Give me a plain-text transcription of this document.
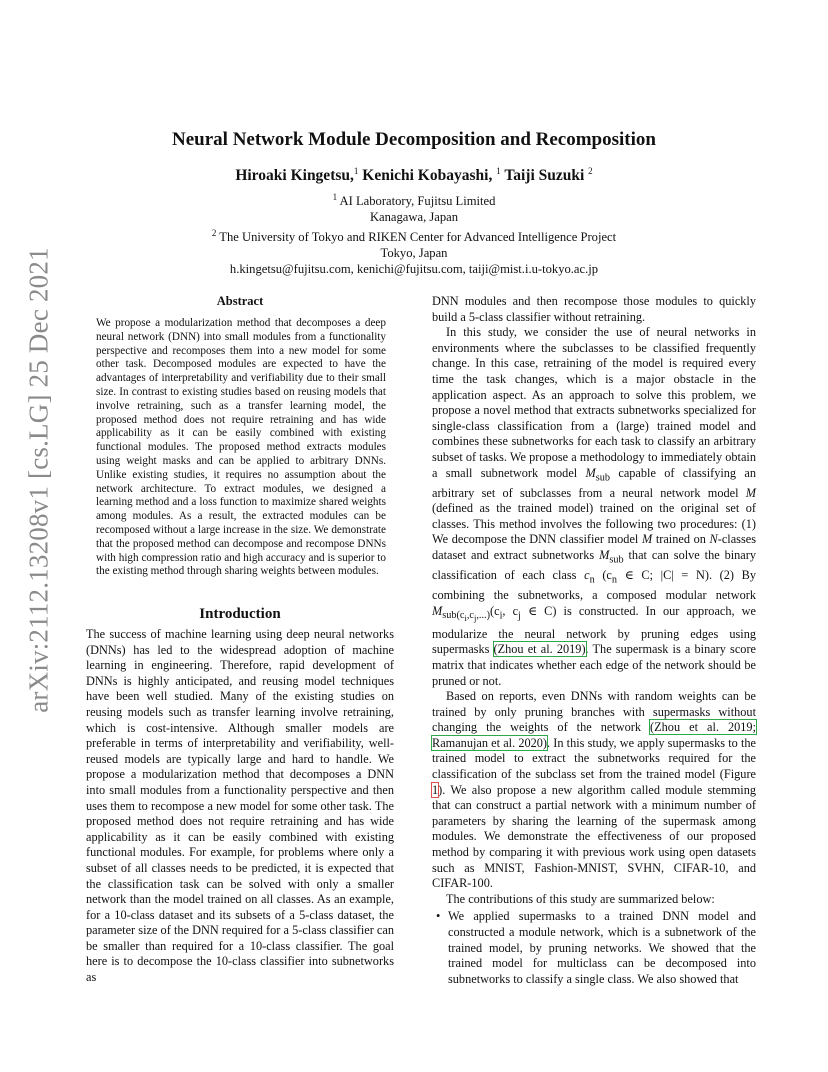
arXiv:2112.13208v1 [cs.LG] 25 Dec 2021
Neural Network Module Decomposition and Recomposition
Hiroaki Kingetsu,$^1$ Kenichi Kobayashi, $^1$ Taiji Suzuki $^2$
$^1$ AI Laboratory, Fujitsu Limited
Kanagawa, Japan
$^2$ The University of Tokyo and RIKEN Center for Advanced Intelligence Project
Tokyo, Japan
h.kingetsu@fujitsu.com, kenichi@fujitsu.com, taiji@mist.i.u-tokyo.ac.jp
Abstract

We propose a modularization method that decomposes a deep neural network (DNN) into small modules from a functionality perspective and recomposes them into a new model for some other task. Decomposed modules are expected to have the advantages of interpretability and verifiability due to their small size. In contrast to existing studies based on reusing models that involve retraining, such as a transfer learning model, the proposed method does not require retraining and has wide applicability as it can be easily combined with existing functional modules. The proposed method extracts modules using weight masks and can be applied to arbitrary DNNs. Unlike existing studies, it requires no assumption about the network architecture. To extract modules, we designed a learning method and a loss function to maximize shared weights among modules. As a result, the extracted modules can be recomposed without a large increase in the size. We demonstrate that the proposed method can decompose and recompose DNNs with high compression ratio and high accuracy and is superior to the existing method through sharing weights between modules.

Introduction

The success of machine learning using deep neural networks (DNNs) has led to the widespread adoption of machine learning in engineering. Therefore, rapid development of DNNs is highly anticipated, and reusing model techniques have been well studied. Many of the existing studies on reusing models such as transfer learning involve retraining, which is cost-intensive. Although smaller models are preferable in terms of interpretability and verifiability, well-reused models are typically large and hard to handle. We propose a modularization method that decomposes a DNN into small modules from a functionality perspective and then uses them to recompose a new model for some other task. The proposed method does not require retraining and has wide applicability as it can be easily combined with existing functional modules. For example, for problems where only a subset of all classes needs to be predicted, it is expected that the classification task can be solved with only a smaller network than the model trained on all classes. As an example, for a 10-class dataset and its subsets of a 5-class dataset, the parameter size of the DNN required for a 5-class classifier can be smaller than required for a 10-class classifier. The goal here is to decompose the 10-class classifier into subnetworks as

DNN modules and then recompose those modules to quickly build a 5-class classifier without retraining.

In this study, we consider the use of neural networks in environments where the subclasses to be classified frequently change. In this case, retraining of the model is required every time the task changes, which is a major obstacle in the application aspect. As an approach to solve this problem, we propose a novel method that extracts subnetworks specialized for single-class classification from a (large) trained model and combines these subnetworks for each task to classify an arbitrary subset of tasks. We propose a methodology to immediately obtain a small subnetwork model $M_{sub}$ capable of classifying an arbitrary set of subclasses from a neural network model M (defined as the trained model) trained on the original set of classes. This method involves the following two procedures: (1) We decompose the DNN classifier model M trained on N-classes dataset and extract subnetworks $M_{sub}$ that can solve the binary classification of each class $c_n$ ($c_n$ ∈ C; |C| = N). (2) By combining the subnetworks, a composed modular network $M_{sub(c_i,c_j,...)}(c_i$, $c_j$ ∈ C) is constructed. In our approach, we modularize the neural network by pruning edges using supermasks (Zhou et al. 2019). The supermask is a binary score matrix that indicates whether each edge of the network should be pruned or not.

Based on reports, even DNNs with random weights can be trained by only pruning branches with supermasks without changing the weights of the network (Zhou et al. 2019; Ramanujan et al. 2020). In this study, we apply supermasks to the trained model to extract the subnetworks required for the classification of the subclass set from the trained model (Figure 1). We also propose a new algorithm called module stemming that can construct a partial network with a minimum number of parameters by sharing the learning of the supermask among modules. We demonstrate the effectiveness of our proposed method by comparing it with previous work using open datasets such as MNIST, Fashion-MNIST, SVHN, CIFAR-10, and CIFAR-100.

The contributions of this study are summarized below:

• We applied supermasks to a trained DNN model and constructed a module network, which is a subnetwork of the trained model, by pruning networks. We showed that the trained model for multiclass can be decomposed into subnetworks to classify a single class. We also showed that
